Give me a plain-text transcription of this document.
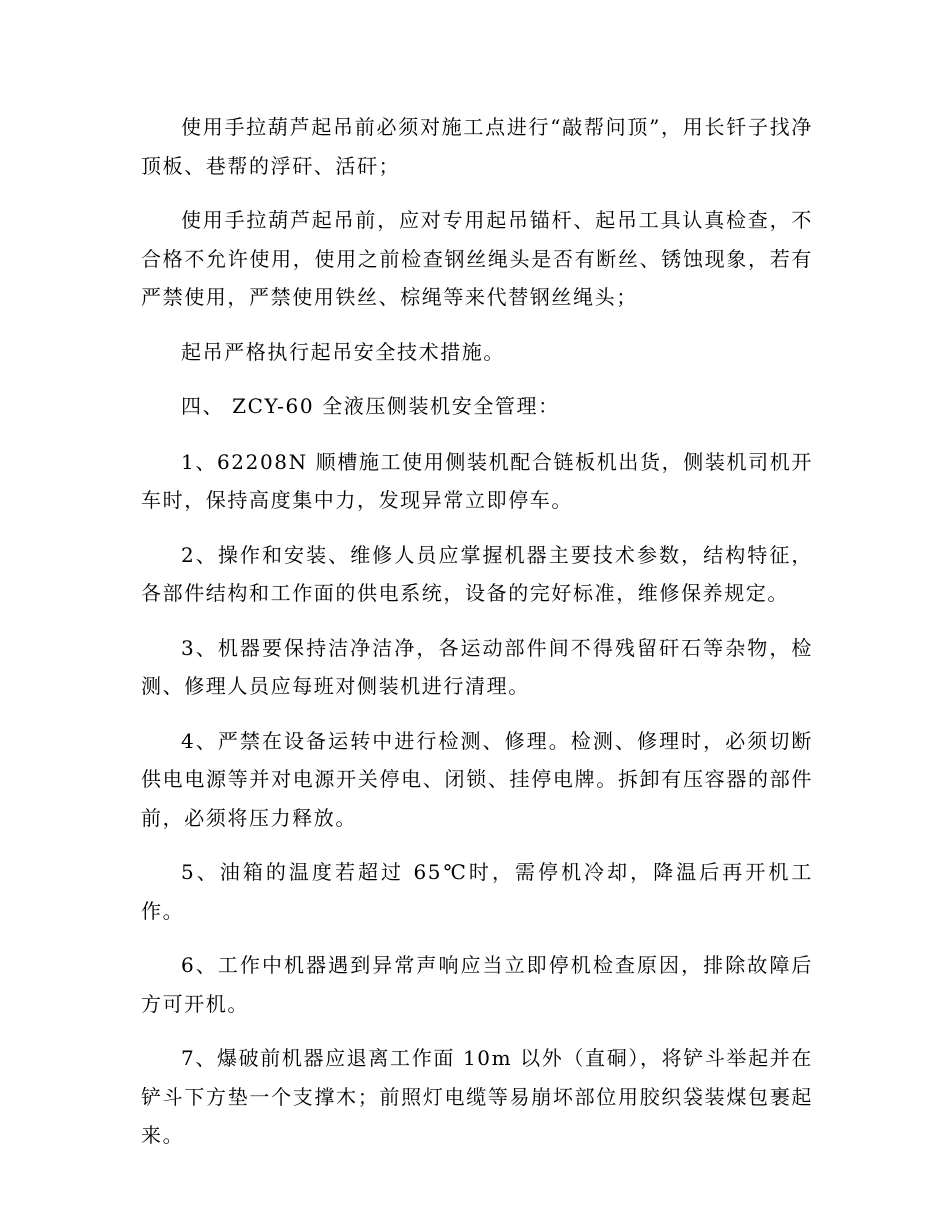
使用手拉葫芦起吊前必须对施工点进行“敲帮问顶”，用长钎子找净顶板、巷帮的浮矸、活矸；

使用手拉葫芦起吊前，应对专用起吊锚杆、起吊工具认真检查，不合格不允许使用，使用之前检查钢丝绳头是否有断丝、锈蚀现象，若有严禁使用，严禁使用铁丝、棕绳等来代替钢丝绳头；

起吊严格执行起吊安全技术措施。

四、 ZCY-60 全液压侧装机安全管理：

1、62208N 顺槽施工使用侧装机配合链板机出货，侧装机司机开车时，保持高度集中力，发现异常立即停车。

2、操作和安装、维修人员应掌握机器主要技术参数，结构特征，各部件结构和工作面的供电系统，设备的完好标准，维修保养规定。

3、机器要保持洁净洁净，各运动部件间不得残留矸石等杂物，检测、修理人员应每班对侧装机进行清理。

4、严禁在设备运转中进行检测、修理。检测、修理时，必须切断供电电源等并对电源开关停电、闭锁、挂停电牌。拆卸有压容器的部件前，必须将压力释放。

5、油箱的温度若超过 65℃时，需停机冷却，降温后再开机工作。

6、工作中机器遇到异常声响应当立即停机检查原因，排除故障后方可开机。

7、爆破前机器应退离工作面 10m 以外（直硐），将铲斗举起并在铲斗下方垫一个支撑木；前照灯电缆等易崩坏部位用胶织袋装煤包裹起来。
